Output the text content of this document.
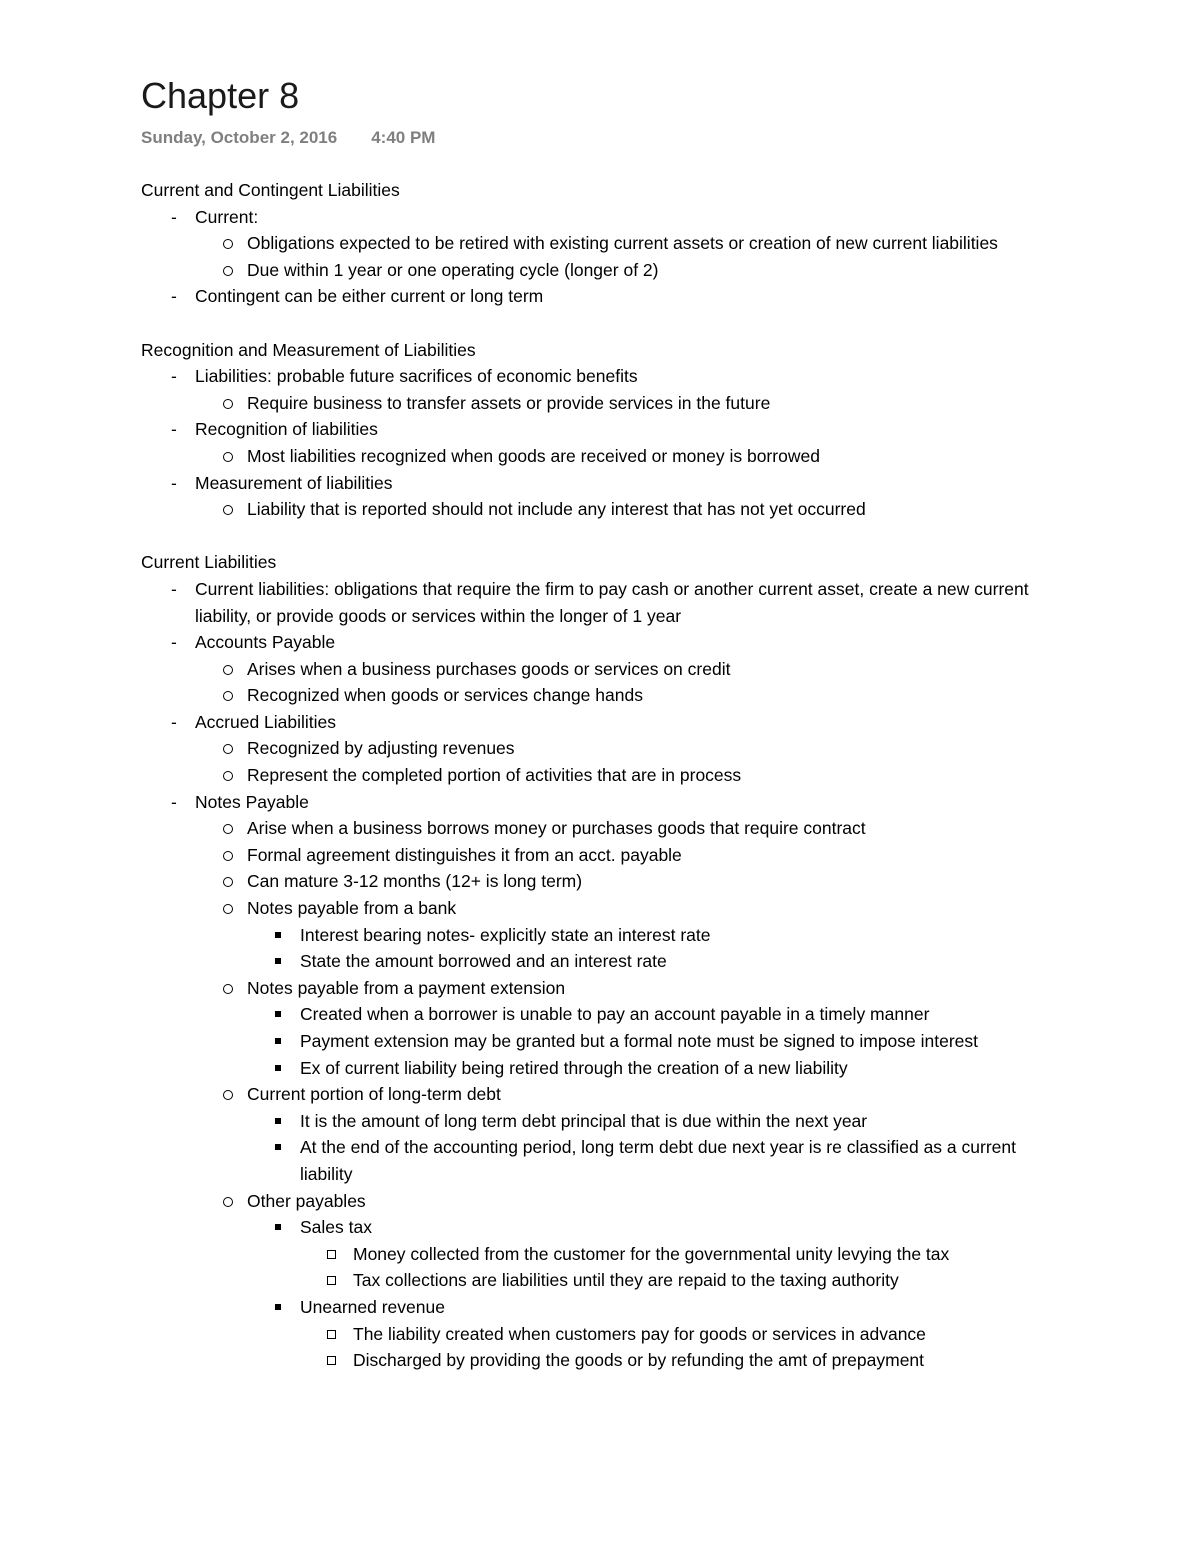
Chapter 8
Sunday, October 2, 2016 4:40 PM
Current and Contingent Liabilities
Current:
Obligations expected to be retired with existing current assets or creation of new current liabilities
Due within 1 year or one operating cycle (longer of 2)
Contingent can be either current or long term
Recognition and Measurement of Liabilities
Liabilities: probable future sacrifices of economic benefits
Require business to transfer assets or provide services in the future
Recognition of liabilities
Most liabilities recognized when goods are received or money is borrowed
Measurement of liabilities
Liability that is reported should not include any interest that has not yet occurred
Current Liabilities
Current liabilities: obligations that require the firm to pay cash or another current asset, create a new current liability, or provide goods or services within the longer of 1 year
Accounts Payable
Arises when a business purchases goods or services on credit
Recognized when goods or services change hands
Accrued Liabilities
Recognized by adjusting revenues
Represent the completed portion of activities that are in process
Notes Payable
Arise when a business borrows money or purchases goods that require contract
Formal agreement distinguishes it from an acct. payable
Can mature 3-12 months (12+ is long term)
Notes payable from a bank
Interest bearing notes- explicitly state an interest rate
State the amount borrowed and an interest rate
Notes payable from a payment extension
Created when a borrower is unable to pay an account payable in a timely manner
Payment extension may be granted but a formal note must be signed to impose interest
Ex of current liability being retired through the creation of a new liability
Current portion of long-term debt
It is the amount of long term debt principal that is due within the next year
At the end of the accounting period, long term debt due next year is re classified as a current liability
Other payables
Sales tax
Money collected from the customer for the governmental unity levying the tax
Tax collections are liabilities until they are repaid to the taxing authority
Unearned revenue
The liability created when customers pay for goods or services in advance
Discharged by providing the goods or by refunding the amt of prepayment
